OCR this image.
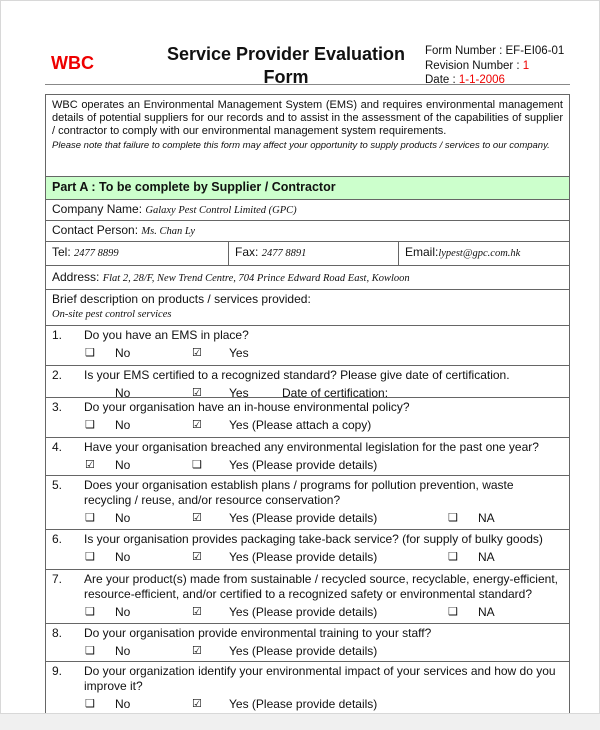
WBC	Service Provider Evaluation Form
Form Number : EF-EI06-01
Revision Number : 1
Date : 1-1-2006
WBC operates an Environmental Management System (EMS) and requires environmental management details of potential suppliers for our records and to assist in the assessment of the capabilities of supplier / contractor to comply with our environmental management system requirements.
Please note that failure to complete this form may affect your opportunity to supply products / services to our company.
Part A : To be complete by Supplier / Contractor
Company Name: Galaxy Pest Control Limited (GPC)
Contact Person: Ms. Chan Ly
Tel: 2477 8899	Fax: 2477 8891	Email:lypest@gpc.com.hk
Address: Flat 2, 28/F, New Trend Centre, 704 Prince Edward Road East, Kowloon
Brief description on products / services provided:
On-site pest control services
1.	Do you have an EMS in place?
❑ No	☑ Yes
2.	Is your EMS certified to a recognized standard? Please give date of certification.
No	☑ Yes	Date of certification:
3.	Do your organisation have an in-house environmental policy?
❑ No	☑ Yes (Please attach a copy)
4.	Have your organisation breached any environmental legislation for the past one year?
☑ No	❑ Yes (Please provide details)
5.	Does your organisation establish plans / programs for pollution prevention, waste recycling / reuse, and/or resource conservation?
❑ No	☑ Yes (Please provide details)	❑ NA
6.	Is your organisation provides packaging take-back service? (for supply of bulky goods)
❑ No	☑ Yes (Please provide details)	❑ NA
7.	Are your product(s) made from sustainable / recycled source, recyclable, energy-efficient, resource-efficient, and/or certified to a recognized safety or environmental standard?
❑ No	☑ Yes (Please provide details)	❑ NA
8.	Do your organisation provide environmental training to your staff?
❑ No	☑ Yes (Please provide details)
9.	Do your organization identify your environmental impact of your services and how do you improve it?
❑ No	☑ Yes (Please provide details)
